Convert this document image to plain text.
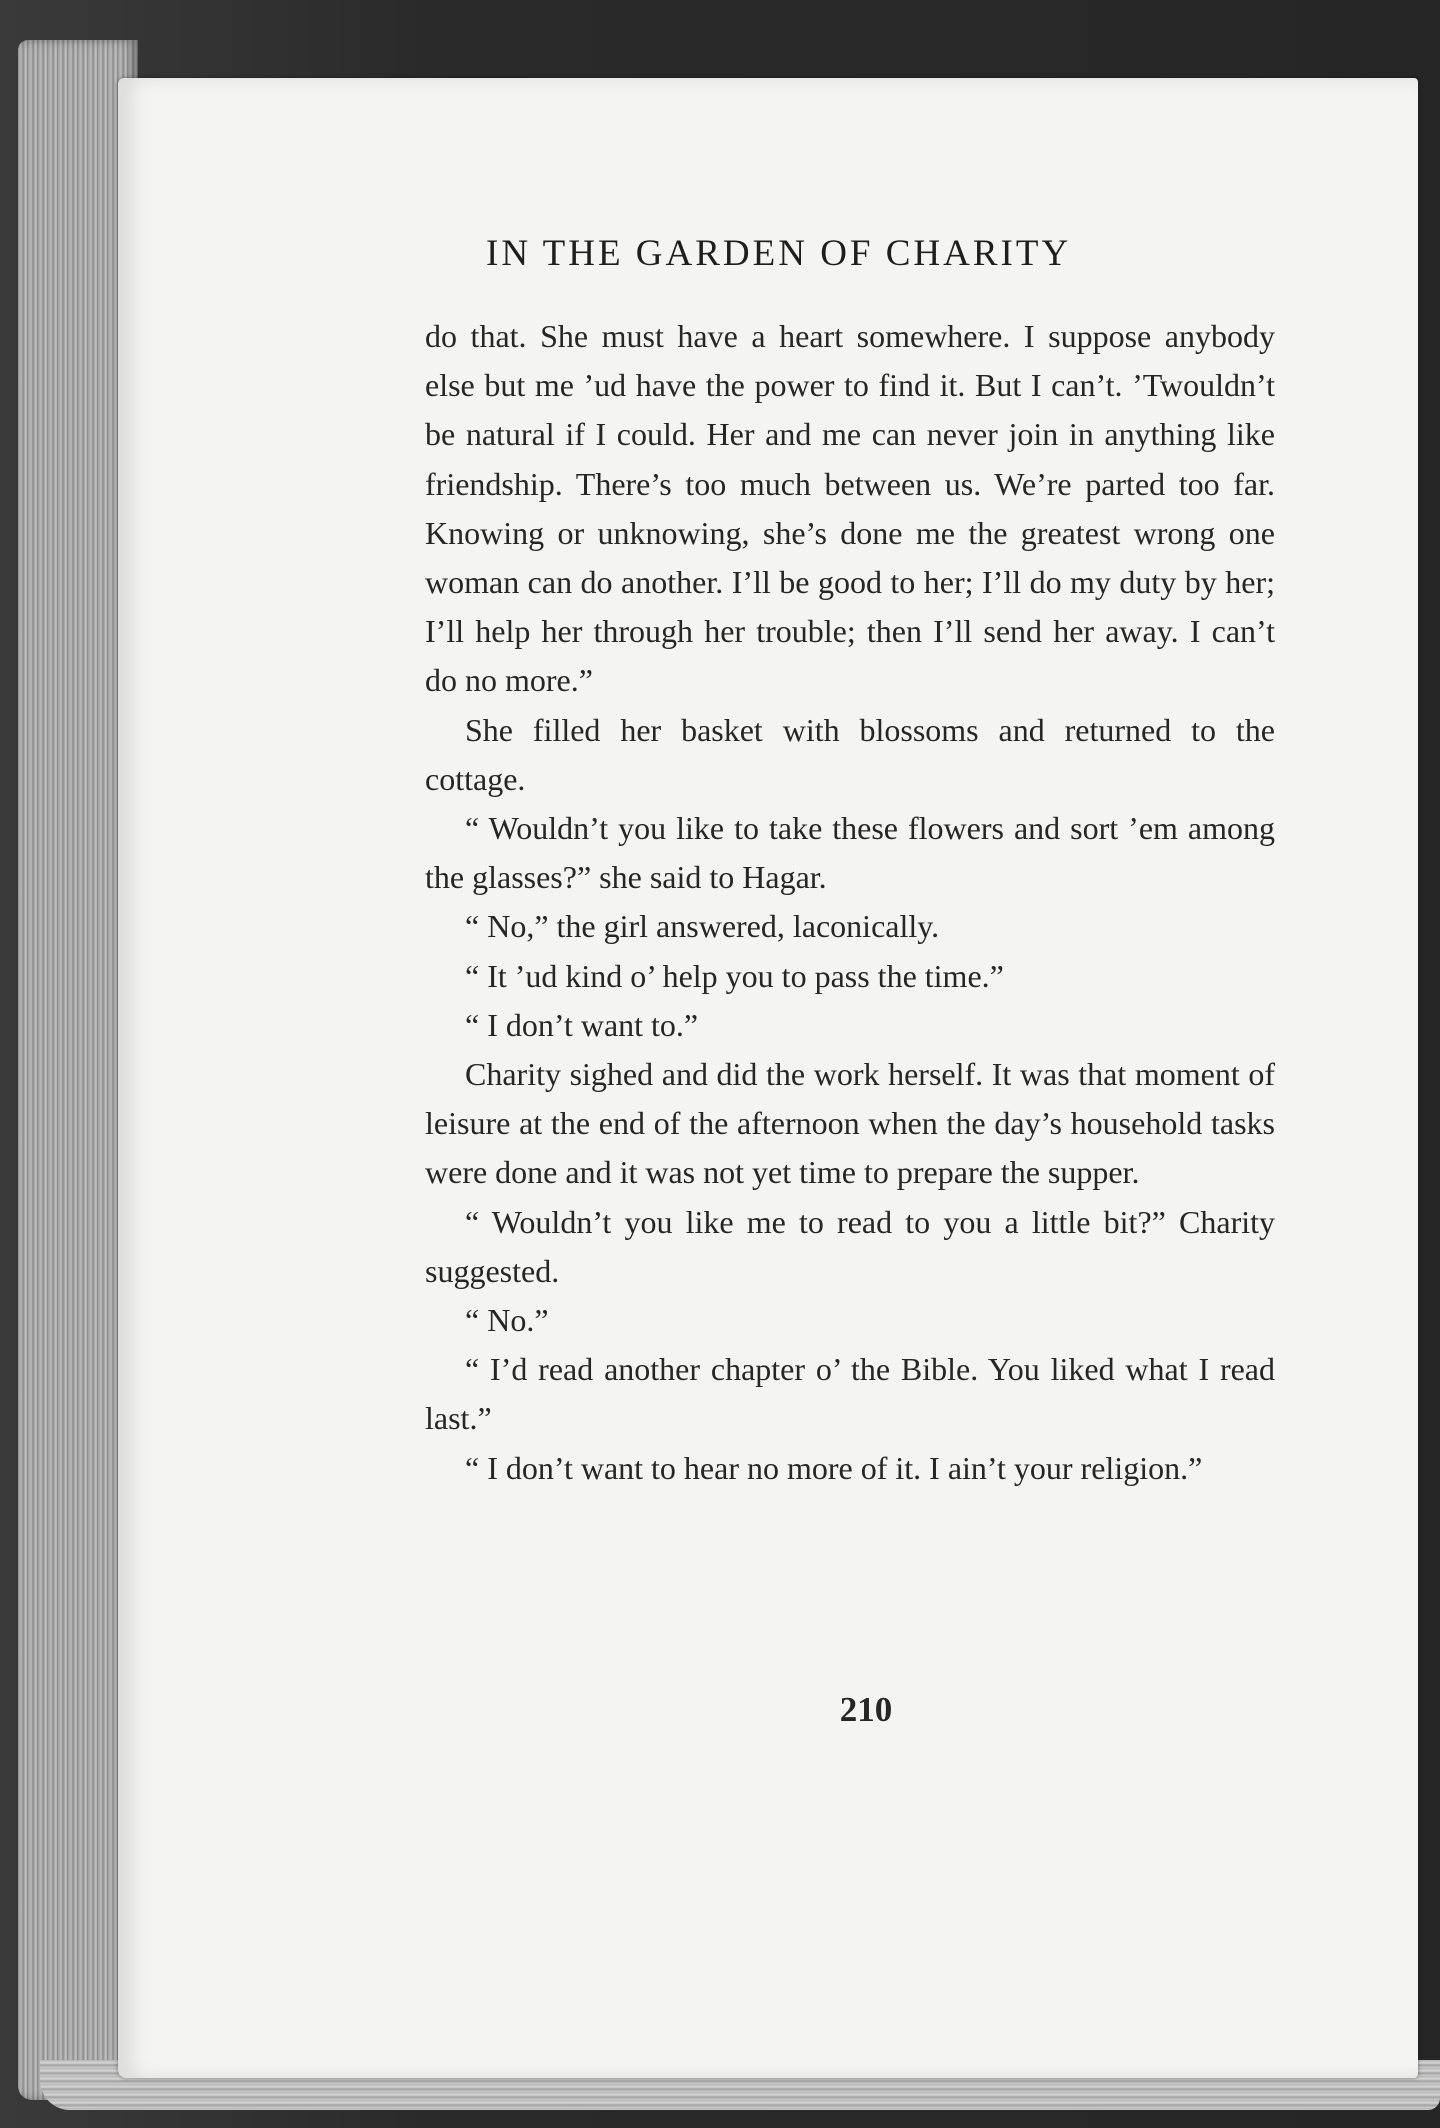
IN THE GARDEN OF CHARITY

do that. She must have a heart somewhere. I suppose anybody else but me ’ud have the power to find it. But I can’t. ’Twouldn’t be natural if I could. Her and me can never join in anything like friendship. There’s too much between us. We’re parted too far. Knowing or unknowing, she’s done me the greatest wrong one woman can do another. I’ll be good to her; I’ll do my duty by her; I’ll help her through her trouble; then I’ll send her away. I can’t do no more.”

She filled her basket with blossoms and returned to the cottage.

“ Wouldn’t you like to take these flowers and sort ’em among the glasses?” she said to Hagar.

“ No,” the girl answered, laconically.

“ It ’ud kind o’ help you to pass the time.”

“ I don’t want to.”

Charity sighed and did the work herself. It was that moment of leisure at the end of the afternoon when the day’s household tasks were done and it was not yet time to prepare the supper.

“ Wouldn’t you like me to read to you a little bit?” Charity suggested.

“ No.”

“ I’d read another chapter o’ the Bible. You liked what I read last.”

“ I don’t want to hear no more of it. I ain’t your religion.”

210
